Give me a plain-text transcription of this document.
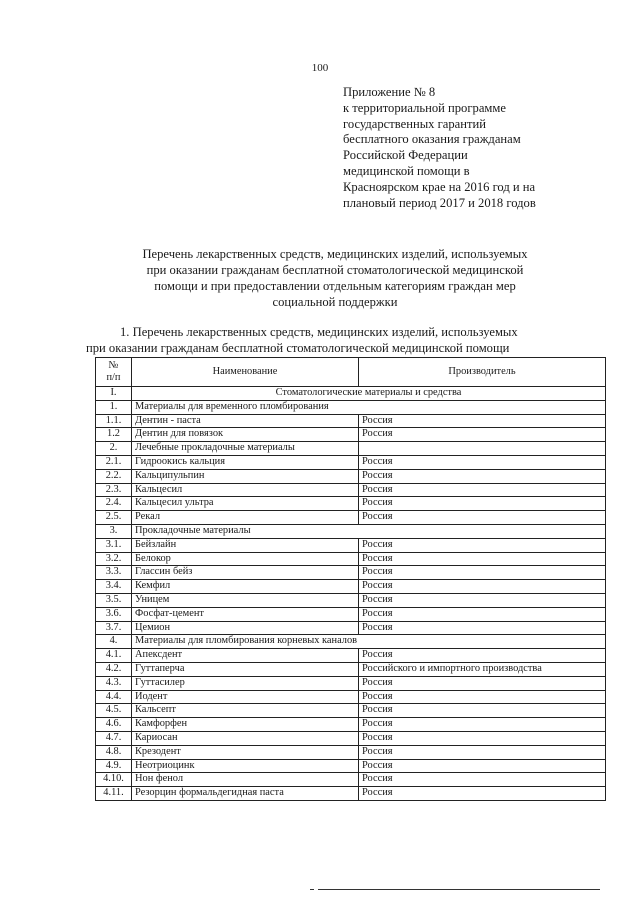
100
Приложение № 8
к территориальной программе
государственных гарантий
бесплатного оказания гражданам
Российской Федерации
медицинской помощи в
Красноярском крае на 2016 год и на
плановый период 2017 и 2018 годов
Перечень лекарственных средств, медицинских изделий, используемых
при оказании гражданам бесплатной стоматологической медицинской
помощи и при предоставлении отдельным категориям граждан мер
социальной поддержки
1. Перечень лекарственных средств, медицинских изделий, используемых
при оказании гражданам бесплатной стоматологической медицинской помощи
№
п/п	Наименование	Производитель
I.	Стоматологические материалы и средства	
1.	Материалы для временного пломбирования	
1.1.	Дентин - паста	Россия
1.2	Дентин для повязок	Россия
2.	Лечебные прокладочные материалы	
2.1.	Гидроокись кальция	Россия
2.2.	Кальципульпин	Россия
2.3.	Кальцесил	Россия
2.4.	Кальцесил ультра	Россия
2.5.	Рекал	Россия
3.	Прокладочные материалы	
3.1.	Бейзлайн	Россия
3.2.	Белокор	Россия
3.3.	Глассин бейз	Россия
3.4.	Кемфил	Россия
3.5.	Уницем	Россия
3.6.	Фосфат-цемент	Россия
3.7.	Цемион	Россия
4.	Материалы для пломбирования корневых каналов	
4.1.	Апексдент	Россия
4.2.	Гуттаперча	Российского и импортного производства
4.3.	Гуттасилер	Россия
4.4.	Иодент	Россия
4.5.	Кальсепт	Россия
4.6.	Камфорфен	Россия
4.7.	Кариосан	Россия
4.8.	Крезодент	Россия
4.9.	Неотриоцинк	Россия
4.10.	Нон фенол	Россия
4.11.	Резорцин формальдегидная паста	Россия
